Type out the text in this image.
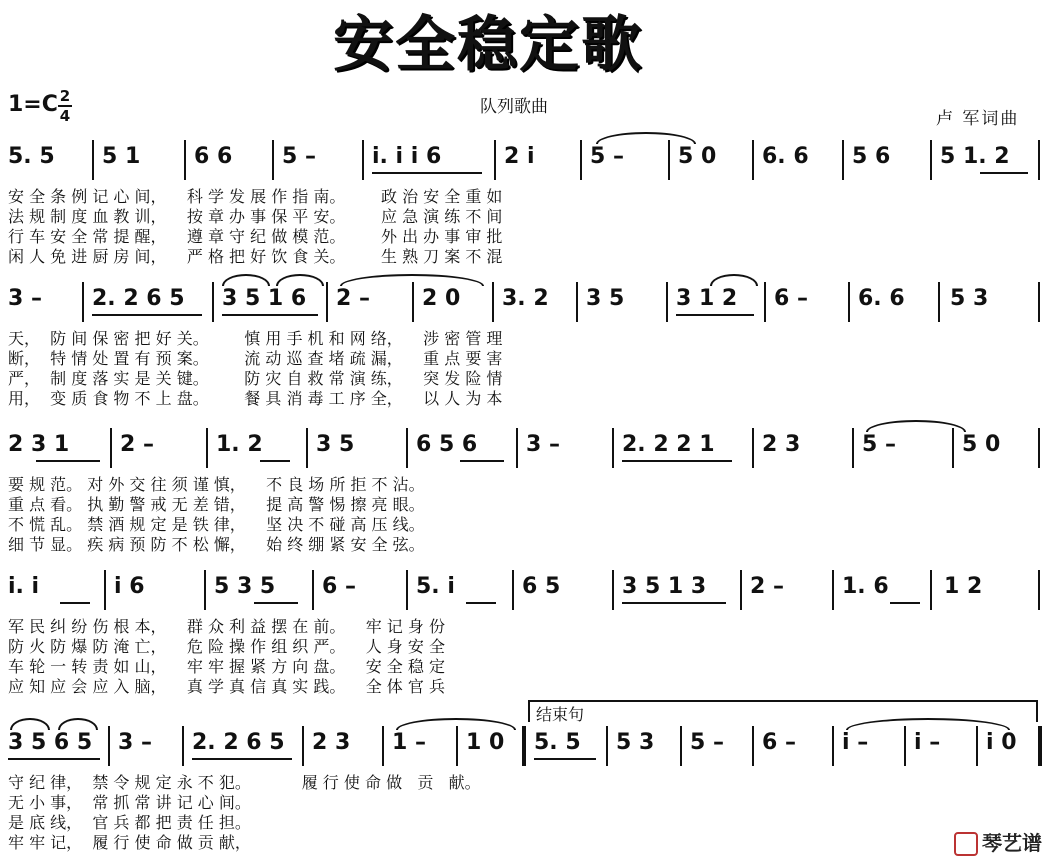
安全稳定歌
1=C 2
4	队列歌曲
卢 军词曲
5. 5 5 1 6 6 5 –	i. i i 6	2 i	5 – 5 0 6. 6 5 6 5 1. 2
安 全 条 例 记 心 间，    科 学 发 展 作 指 南。       政 治 安 全 重 如
法 规 制 度 血 教 训，    按 章 办 事 保 平 安。       应 急 演 练 不 间
行 车 安 全 常 提 醒，    遵 章 守 纪 做 模 范。       外 出 办 事 审 批
闲 人 免 进 厨 房 间，    严 格 把 好 饮 食 关。       生 熟 刀 案 不 混
3 – 2. 2 6 5 3 5 1 6 2 – 2 0 3. 2 3 5 3 1 2 6 – 6. 6 5 3
天，  防 间 保 密 把 好 关。       慎 用 手 机 和 网 络，    涉 密 管 理
断，  特 情 处 置 有 预 案。       流 动 巡 查 堵 疏 漏，    重 点 要 害
严，  制 度 落 实 是 关 键。       防 灾 自 救 常 演 练，    突 发 险 情
用，  变 质 食 物 不 上 盘。       餐 具 消 毒 工 序 全，    以 人 为 本
2 3 1 2 –	1. 2 3 5	6 5 6 3 –	2. 2 2 1 2 3	5 –	5 0
要 规 范。 对 外 交 往 须 谨 慎，    不 良 场 所 拒 不 沾。
重 点 看。 执 勤 警 戒 无 差 错，    提 高 警 惕 擦 亮 眼。
不 慌 乱。 禁 酒 规 定 是 铁 律，    坚 决 不 碰 高 压 线。
细 节 显。 疾 病 预 防 不 松 懈，    始 终 绷 紧 安 全 弦。
i. i	i 6	5 3 5 6 –	5. i	6 5	3 5 1 3 2 –	1. 6	1 2
军 民 纠 纷 伤 根 本，    群 众 利 益 摆 在 前。    牢 记 身 份
防 火 防 爆 防 淹 亡，    危 险 操 作 组 织 严。    人 身 安 全
车 轮 一 转 责 如 山，    牢 牢 握 紧 方 向 盘。    安 全 稳 定
应 知 应 会 应 入 脑，    真 学 真 信 真 实 践。    全 体 官 兵
结束句
3 5 6 5 3 – 2. 2 6 5 2 3 1 – 1 0 5. 5 5 3 5 – 6 – i – i – i 0
守 纪 律，  禁 令 规 定 永 不 犯。          履 行 使 命 做   贡   献。
无 小 事，  常 抓 常 讲 记 心 间。
是 底 线，  官 兵 都 把 责 任 担。
牢 牢 记，  履 行 使 命 做 贡 献，	琴艺谱
